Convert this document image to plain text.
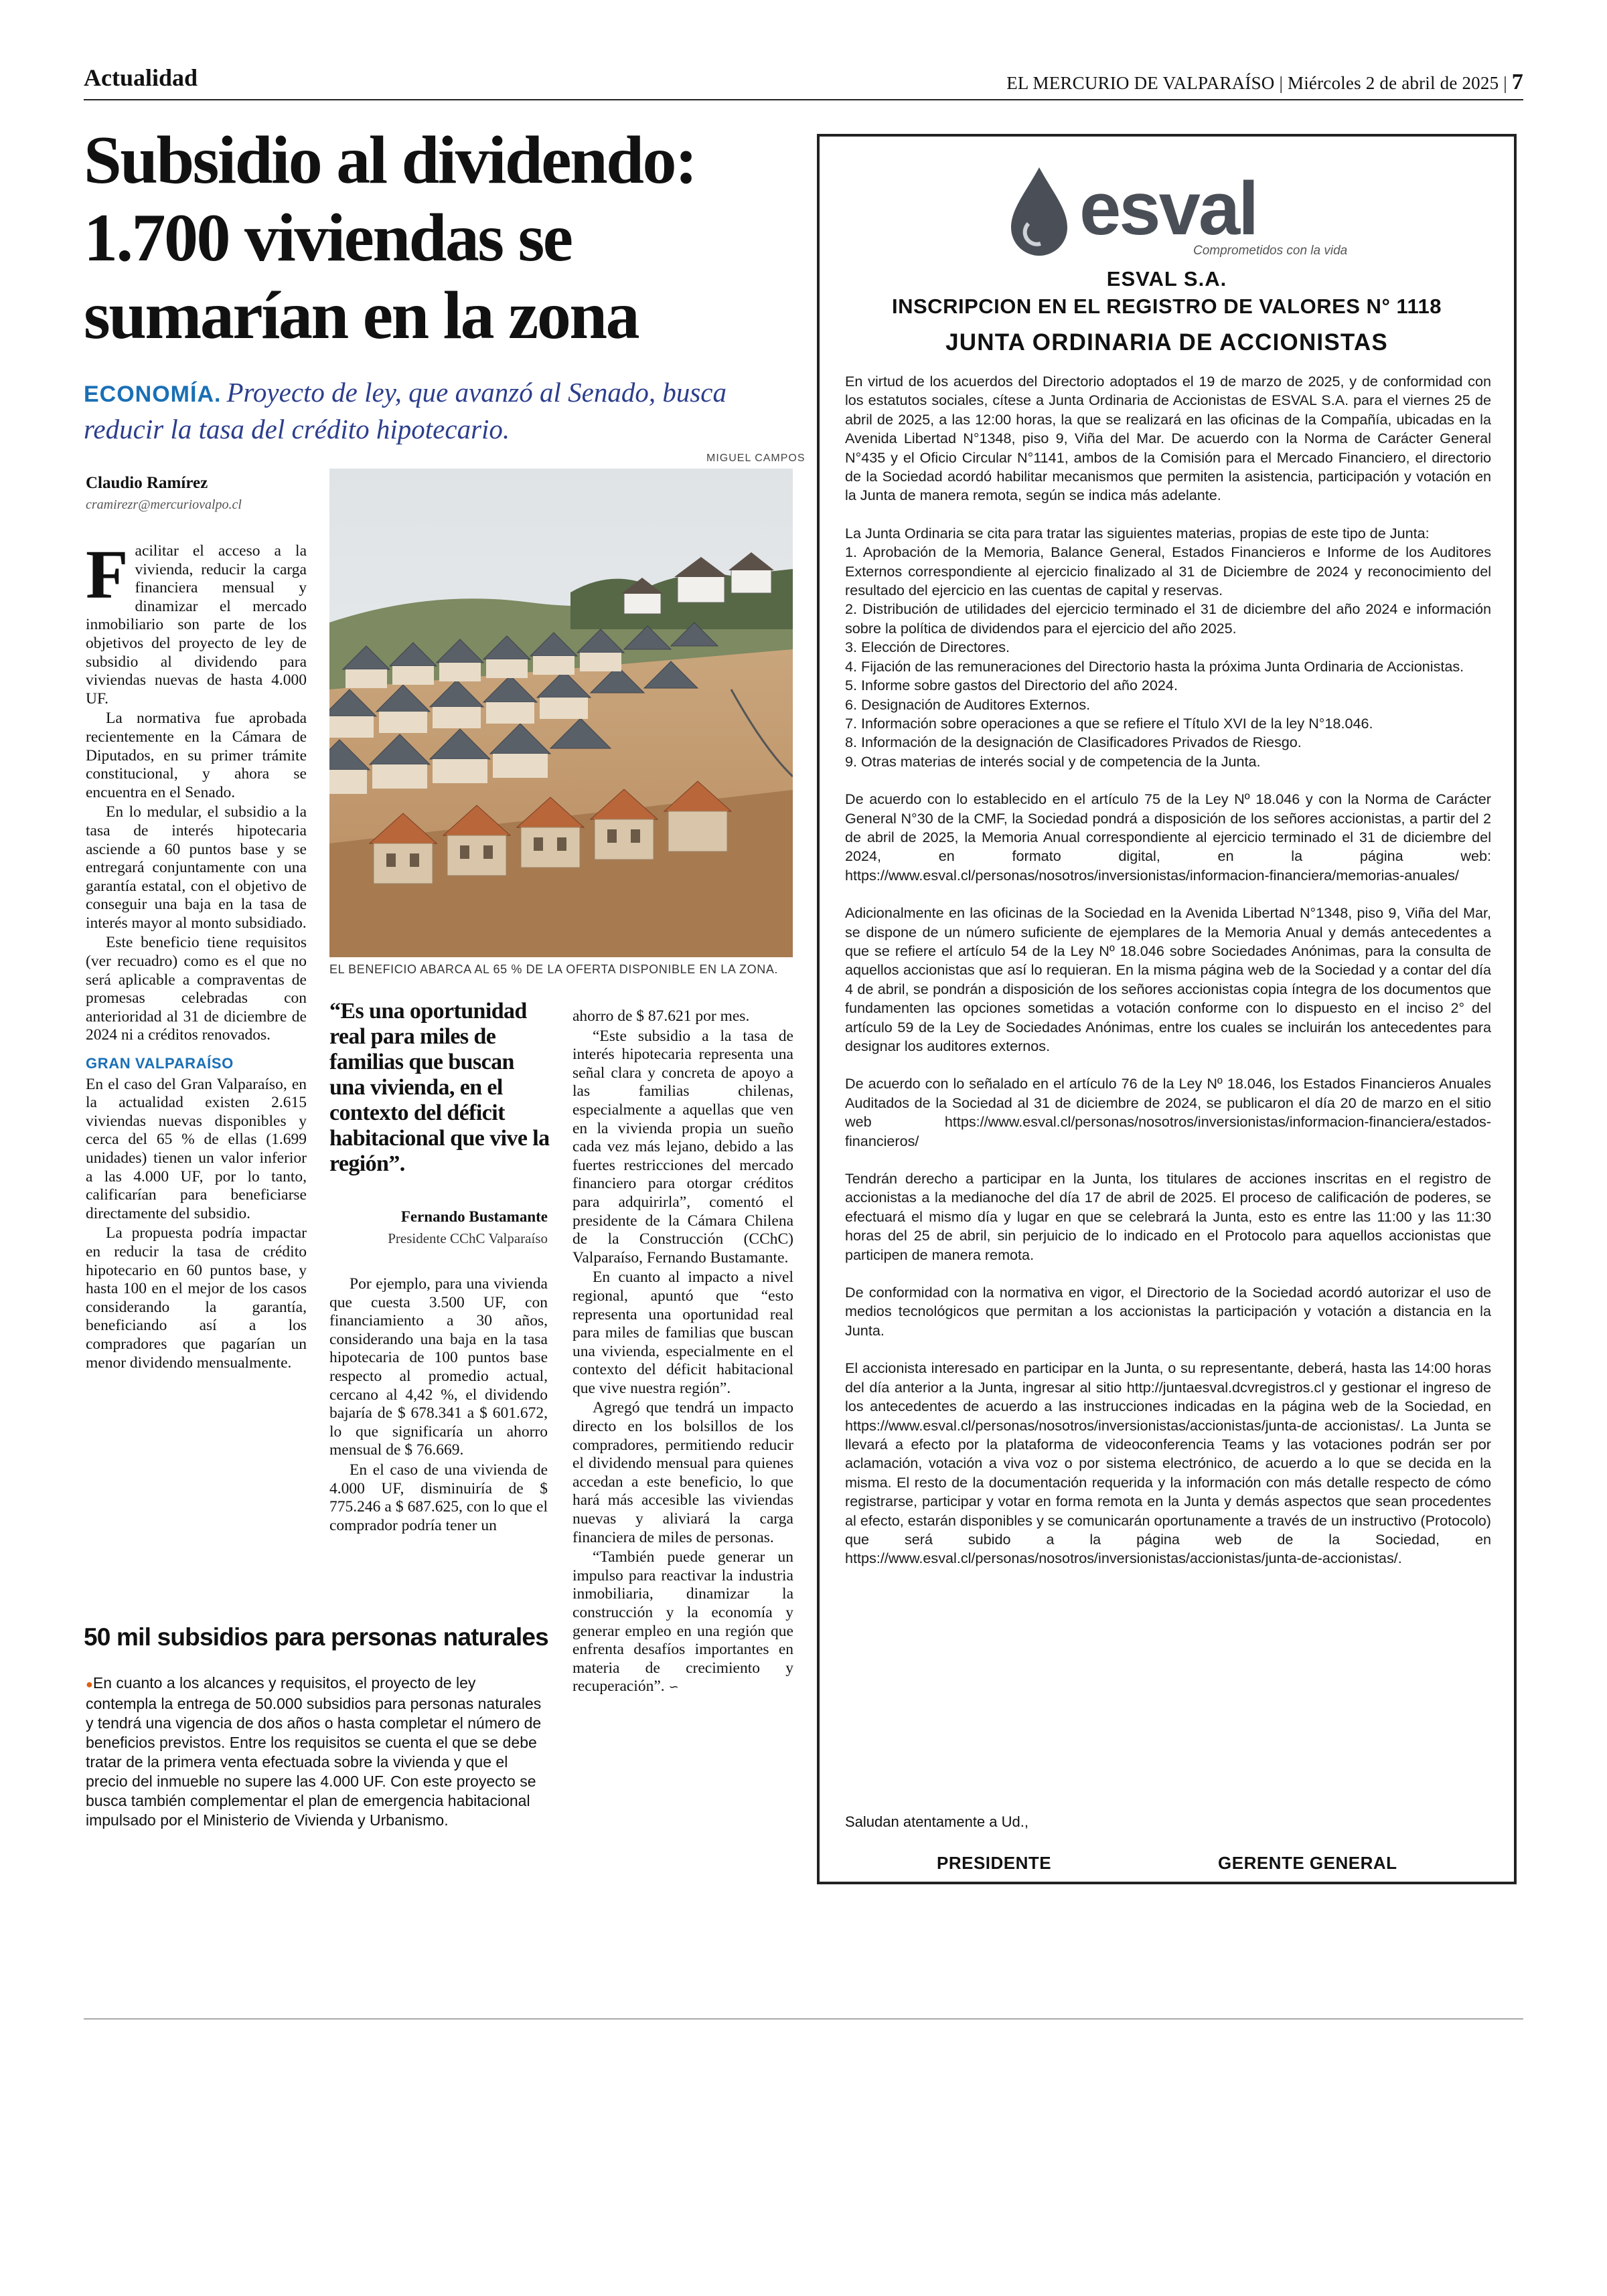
Actualidad	EL MERCURIO DE VALPARAÍSO | Miércoles 2 de abril de 2025 | 7
Subsidio al dividendo: 1.700 viviendas se sumarían en la zona
ECONOMÍA. Proyecto de ley, que avanzó al Senado, busca reducir la tasa del crédito hipotecario.
Claudio Ramírez
cramirezr@mercuriovalpo.cl
MIGUEL CAMPOS
EL BENEFICIO ABARCA AL 65 % DE LA OFERTA DISPONIBLE EN LA ZONA.

Facilitar el acceso a la vivienda, reducir la carga financiera mensual y dinamizar el mercado inmobiliario son parte de los objetivos del proyecto de ley de subsidio al dividendo para viviendas nuevas de hasta 4.000 UF.

La normativa fue aprobada recientemente en la Cámara de Diputados, en su primer trámite constitucional, y ahora se encuentra en el Senado.

En lo medular, el subsidio a la tasa de interés hipotecaria asciende a 60 puntos base y se entregará conjuntamente con una garantía estatal, con el objetivo de conseguir una baja en la tasa de interés mayor al monto subsidiado.

Este beneficio tiene requisitos (ver recuadro) como es el que no será aplicable a compraventas de promesas celebradas con anterioridad al 31 de diciembre de 2024 ni a créditos renovados.

GRAN VALPARAÍSO

En el caso del Gran Valparaíso, en la actualidad existen 2.615 viviendas nuevas disponibles y cerca del 65 % de ellas (1.699 unidades) tienen un valor inferior a las 4.000 UF, por lo tanto, calificarían para beneficiarse directamente del subsidio.

La propuesta podría impactar en reducir la tasa de crédito hipotecario en 60 puntos base, y hasta 100 en el mejor de los casos considerando la garantía, beneficiando así a los compradores que pagarían un menor dividendo mensualmente.

“Es una oportunidad real para miles de familias que buscan una vivienda, en el contexto del déficit habitacional que vive la región”.
Fernando Bustamante
Presidente CChC Valparaíso

Por ejemplo, para una vivienda que cuesta 3.500 UF, con financiamiento a 30 años, considerando una baja en la tasa hipotecaria de 100 puntos base respecto al promedio actual, cercano al 4,42 %, el dividendo bajaría de $ 678.341 a $ 601.672, lo que significaría un ahorro mensual de $ 76.669.

En el caso de una vivienda de 4.000 UF, disminuiría de $ 775.246 a $ 687.625, con lo que el comprador podría tener un

ahorro de $ 87.621 por mes.

“Este subsidio a la tasa de interés hipotecaria representa una señal clara y concreta de apoyo a las familias chilenas, especialmente a aquellas que ven en la vivienda propia un sueño cada vez más lejano, debido a las fuertes restricciones del mercado financiero para otorgar créditos para adquirirla”, comentó el presidente de la Cámara Chilena de la Construcción (CChC) Valparaíso, Fernando Bustamante.

En cuanto al impacto a nivel regional, apuntó que “esto representa una oportunidad real para miles de familias que buscan una vivienda, especialmente en el contexto del déficit habitacional que vive nuestra región”.

Agregó que tendrá un impacto directo en los bolsillos de los compradores, permitiendo reducir el dividendo mensual para quienes accedan a este beneficio, lo que hará más accesible las viviendas nuevas y aliviará la carga financiera de miles de personas.

“También puede generar un impulso para reactivar la industria inmobiliaria, dinamizar la construcción y la economía y generar empleo en una región que enfrenta desafíos importantes en materia de crecimiento y recuperación”. ∽

50 mil subsidios para personas naturales
●En cuanto a los alcances y requisitos, el proyecto de ley contempla la entrega de 50.000 subsidios para personas naturales y tendrá una vigencia de dos años o hasta completar el número de beneficios previstos. Entre los requisitos se cuenta el que se debe tratar de la primera venta efectuada sobre la vivienda y que el precio del inmueble no supere las 4.000 UF. Con este proyecto se busca también complementar el plan de emergencia habitacional impulsado por el Ministerio de Vivienda y Urbanismo.
esval
Comprometidos con la vida
ESVAL S.A.
INSCRIPCION EN EL REGISTRO DE VALORES N° 1118
JUNTA ORDINARIA DE ACCIONISTAS

En virtud de los acuerdos del Directorio adoptados el 19 de marzo de 2025, y de conformidad con los estatutos sociales, cítese a Junta Ordinaria de Accionistas de ESVAL S.A. para el viernes 25 de abril de 2025, a las 12:00 horas, la que se realizará en las oficinas de la Compañía, ubicadas en la Avenida Libertad N°1348, piso 9, Viña del Mar. De acuerdo con la Norma de Carácter General N°435 y el Oficio Circular N°1141, ambos de la Comisión para el Mercado Financiero, el directorio de la Sociedad acordó habilitar mecanismos que permiten la asistencia, participación y votación en la Junta de manera remota, según se indica más adelante.

La Junta Ordinaria se cita para tratar las siguientes materias, propias de este tipo de Junta:
1. Aprobación de la Memoria, Balance General, Estados Financieros e Informe de los Auditores Externos correspondiente al ejercicio finalizado al 31 de Diciembre de 2024 y reconocimiento del resultado del ejercicio en las cuentas de capital y reservas.
2. Distribución de utilidades del ejercicio terminado el 31 de diciembre del año 2024 e información sobre la política de dividendos para el ejercicio del año 2025.
3. Elección de Directores.
4. Fijación de las remuneraciones del Directorio hasta la próxima Junta Ordinaria de Accionistas.
5. Informe sobre gastos del Directorio del año 2024.
6. Designación de Auditores Externos.
7. Información sobre operaciones a que se refiere el Título XVI de la ley N°18.046.
8. Información de la designación de Clasificadores Privados de Riesgo.
9. Otras materias de interés social y de competencia de la Junta.

De acuerdo con lo establecido en el artículo 75 de la Ley Nº 18.046 y con la Norma de Carácter General N°30 de la CMF, la Sociedad pondrá a disposición de los señores accionistas, a partir del 2 de abril de 2025, la Memoria Anual correspondiente al ejercicio terminado el 31 de diciembre del 2024, en formato digital, en la página web: https://www.esval.cl/personas/nosotros/inversionistas/informacion-financiera/memorias-anuales/

Adicionalmente en las oficinas de la Sociedad en la Avenida Libertad N°1348, piso 9, Viña del Mar, se dispone de un número suficiente de ejemplares de la Memoria Anual y demás antecedentes a que se refiere el artículo 54 de la Ley Nº 18.046 sobre Sociedades Anónimas, para la consulta de aquellos accionistas que así lo requieran. En la misma página web de la Sociedad y a contar del día 4 de abril, se pondrán a disposición de los señores accionistas copia íntegra de los documentos que fundamenten las opciones sometidas a votación conforme con lo dispuesto en el inciso 2° del artículo 59 de la Ley de Sociedades Anónimas, entre los cuales se incluirán los antecedentes para designar los auditores externos.

De acuerdo con lo señalado en el artículo 76 de la Ley Nº 18.046, los Estados Financieros Anuales Auditados de la Sociedad al 31 de diciembre de 2024, se publicaron el día 20 de marzo en el sitio web https://www.esval.cl/personas/nosotros/inversionistas/informacion-financiera/estados-financieros/

Tendrán derecho a participar en la Junta, los titulares de acciones inscritas en el registro de accionistas a la medianoche del día 17 de abril de 2025. El proceso de calificación de poderes, se efectuará el mismo día y lugar en que se celebrará la Junta, esto es entre las 11:00 y las 11:30 horas del 25 de abril, sin perjuicio de lo indicado en el Protocolo para aquellos accionistas que participen de manera remota.

De conformidad con la normativa en vigor, el Directorio de la Sociedad acordó autorizar el uso de medios tecnológicos que permitan a los accionistas la participación y votación a distancia en la Junta.

El accionista interesado en participar en la Junta, o su representante, deberá, hasta las 14:00 horas del día anterior a la Junta, ingresar al sitio http://juntaesval.dcvregistros.cl y gestionar el ingreso de los antecedentes de acuerdo a las instrucciones indicadas en la página web de la Sociedad, en https://www.esval.cl/personas/nosotros/inversionistas/accionistas/junta-de accionistas/. La Junta se llevará a efecto por la plataforma de videoconferencia Teams y las votaciones podrán ser por aclamación, votación a viva voz o por sistema electrónico, de acuerdo a lo que se decida en la misma. El resto de la documentación requerida y la información con más detalle respecto de cómo registrarse, participar y votar en forma remota en la Junta y demás aspectos que sean procedentes al efecto, estarán disponibles y se comunicarán oportunamente a través de un instructivo (Protocolo) que será subido a la página web de la Sociedad, en https://www.esval.cl/personas/nosotros/inversionistas/accionistas/junta-de-accionistas/.

Saludan atentamente a Ud.,
PRESIDENTE	GERENTE GENERAL
